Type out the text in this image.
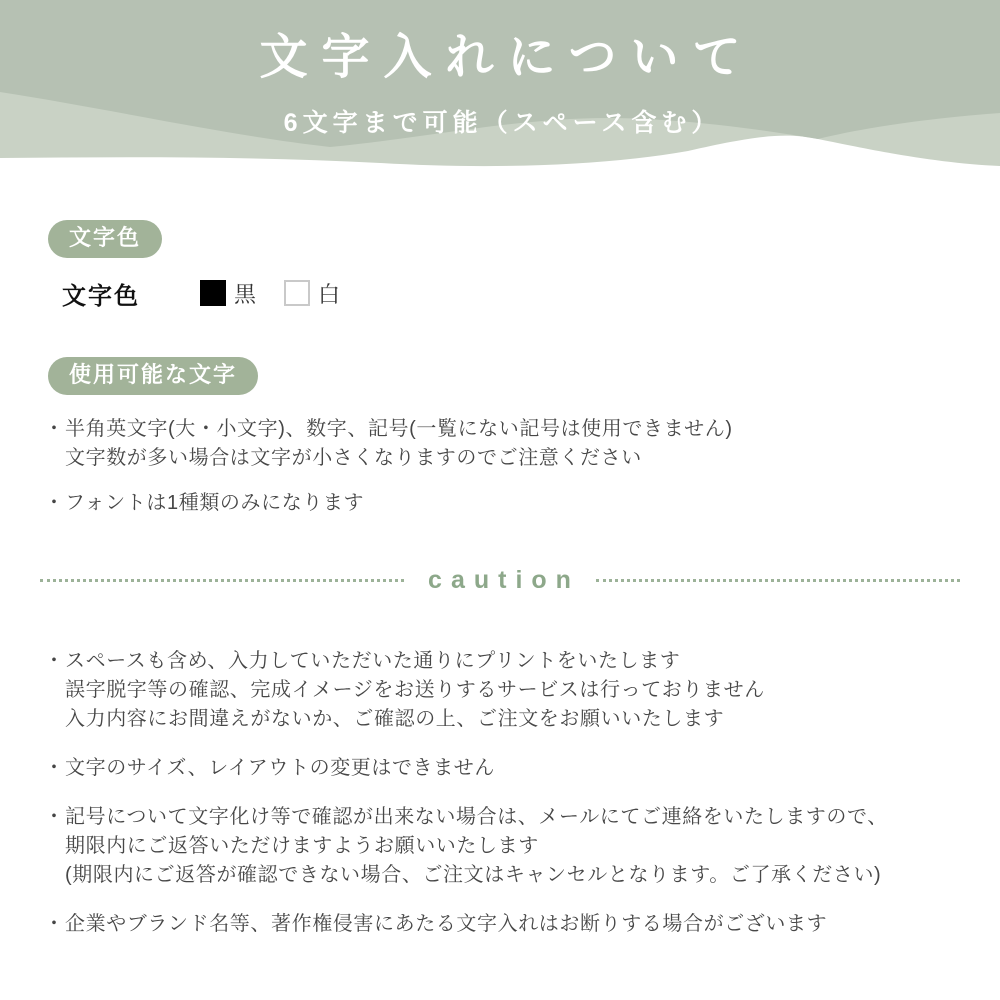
文字入れについて
6文字まで可能（スペース含む）
文字色
文字色	黒	白
使用可能な文字
・ 半角英文字(大・小文字)、数字、記号(一覧にない記号は使用できません)
文字数が多い場合は文字が小さくなりますのでご注意ください
・ フォントは1種類のみになります
caution
・ スペースも含め、入力していただいた通りにプリントをいたします
誤字脱字等の確認、完成イメージをお送りするサービスは行っておりません
入力内容にお間違えがないか、ご確認の上、ご注文をお願いいたします
・ 文字のサイズ、レイアウトの変更はできません
・ 記号について文字化け等で確認が出来ない場合は、メールにてご連絡をいたしますので、
期限内にご返答いただけますようお願いいたします
(期限内にご返答が確認できない場合、ご注文はキャンセルとなります。ご了承ください)
・ 企業やブランド名等、著作権侵害にあたる文字入れはお断りする場合がございます
